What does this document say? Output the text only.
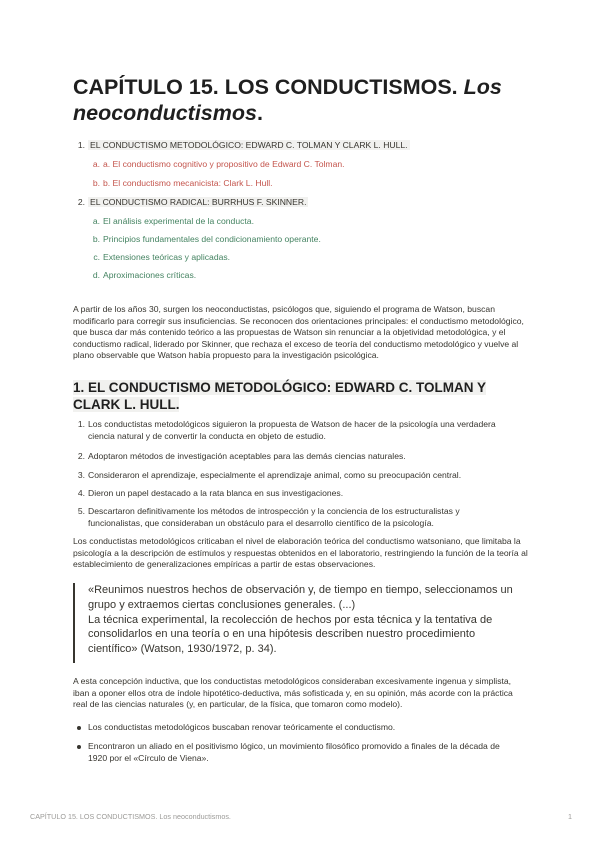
CAPÍTULO 15. LOS CONDUCTISMOS. Los neoconductismos.
1. EL CONDUCTISMO METODOLÓGICO: EDWARD C. TOLMAN Y CLARK L. HULL.
a. a. El conductismo cognitivo y propositivo de Edward C. Tolman.
b. b. El conductismo mecanicista: Clark L. Hull.
2. EL CONDUCTISMO RADICAL: BURRHUS F. SKINNER.
a. El análisis experimental de la conducta.
b. Principios fundamentales del condicionamiento operante.
c. Extensiones teóricas y aplicadas.
d. Aproximaciones críticas.

A partir de los años 30, surgen los neoconductistas, psicólogos que, siguiendo el programa de Watson, buscan modificarlo para corregir sus insuficiencias. Se reconocen dos orientaciones principales: el conductismo metodológico, que busca dar más contenido teórico a las propuestas de Watson sin renunciar a la objetividad metodológica, y el conductismo radical, liderado por Skinner, que rechaza el exceso de teoría del conductismo metodológico y vuelve al plano observable que Watson había propuesto para la investigación psicológica.

1. EL CONDUCTISMO METODOLÓGICO: EDWARD C. TOLMAN Y CLARK L. HULL.
1. Los conductistas metodológicos siguieron la propuesta de Watson de hacer de la psicología una verdadera ciencia natural y de convertir la conducta en objeto de estudio.
2. Adoptaron métodos de investigación aceptables para las demás ciencias naturales.
3. Consideraron el aprendizaje, especialmente el aprendizaje animal, como su preocupación central.
4. Dieron un papel destacado a la rata blanca en sus investigaciones.
5. Descartaron definitivamente los métodos de introspección y la conciencia de los estructuralistas y funcionalistas, que consideraban un obstáculo para el desarrollo científico de la psicología.

Los conductistas metodológicos criticaban el nivel de elaboración teórica del conductismo watsoniano, que limitaba la psicología a la descripción de estímulos y respuestas obtenidos en el laboratorio, restringiendo la función de la teoría al establecimiento de generalizaciones empíricas a partir de estas observaciones.

«Reunimos nuestros hechos de observación y, de tiempo en tiempo, seleccionamos un grupo y extraemos ciertas conclusiones generales. (...)
La técnica experimental, la recolección de hechos por esta técnica y la tentativa de consolidarlos en una teoría o en una hipótesis describen nuestro procedimiento científico» (Watson, 1930/1972, p. 34).

A esta concepción inductiva, que los conductistas metodológicos consideraban excesivamente ingenua y simplista, iban a oponer ellos otra de índole hipotético-deductiva, más sofisticada y, en su opinión, más acorde con la práctica real de las ciencias naturales (y, en particular, de la física, que tomaron como modelo).

Los conductistas metodológicos buscaban renovar teóricamente el conductismo.
Encontraron un aliado en el positivismo lógico, un movimiento filosófico promovido a finales de la década de 1920 por el «Círculo de Viena».
CAPÍTULO 15. LOS CONDUCTISMOS. Los neoconductismos.	1
